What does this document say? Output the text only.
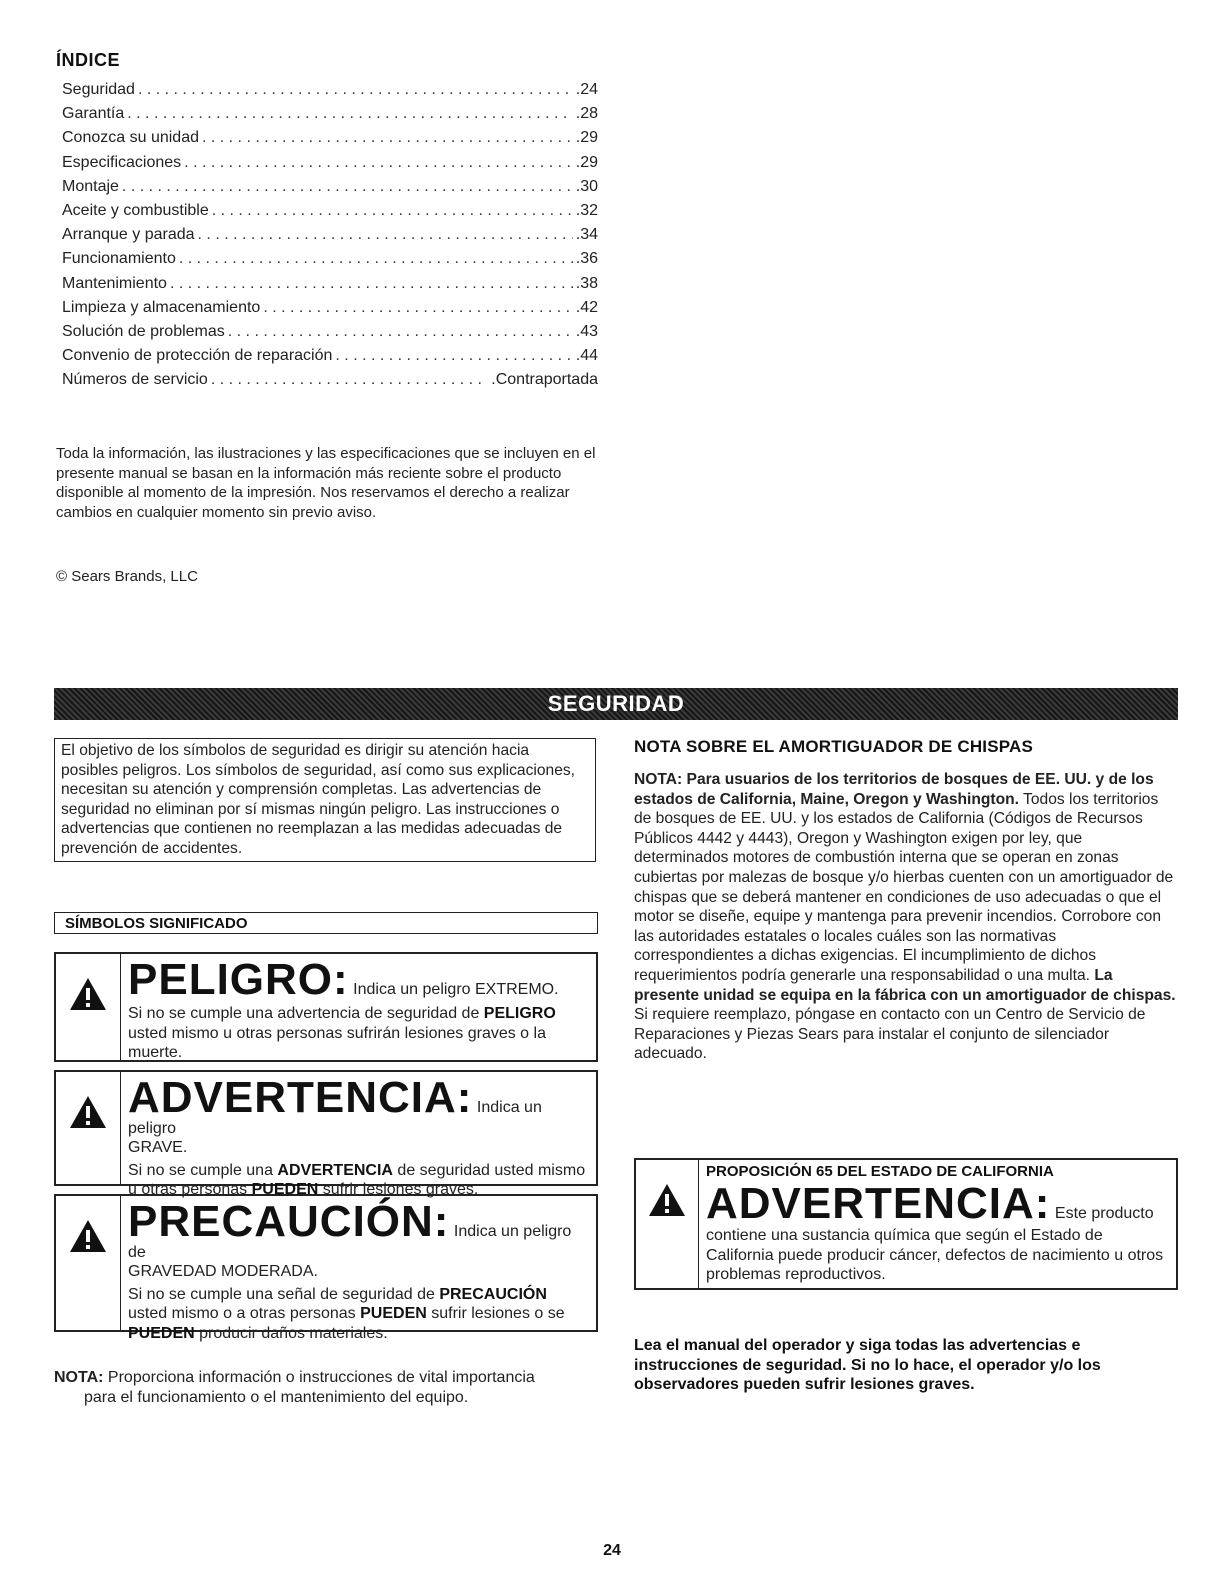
ÍNDICE
Seguridad . . .	.24
Garantía . . .	.28
Conozca su unidad . . .	.29
Especificaciones . . .	.29
Montaje . . .	.30
Aceite y combustible . . .	.32
Arranque y parada . . .	.34
Funcionamiento . . .	.36
Mantenimiento . . .	.38
Limpieza y almacenamiento . . .	.42
Solución de problemas . . .	.43
Convenio de protección de reparación . . .	.44
Números de servicio . . .	.Contraportada
Toda la información, las ilustraciones y las especificaciones que se incluyen en el presente manual se basan en la información más reciente sobre el producto disponible al momento de la impresión. Nos reservamos el derecho a realizar cambios en cualquier momento sin previo aviso.
© Sears Brands, LLC
SEGURIDAD
El objetivo de los símbolos de seguridad es dirigir su atención hacia posibles peligros. Los símbolos de seguridad, así como sus explicaciones, necesitan su atención y comprensión completas. Las advertencias de seguridad no eliminan por sí mismas ningún peligro. Las instrucciones o advertencias que contienen no reemplazan a las medidas adecuadas de prevención de accidentes.
SÍMBOLOS SIGNIFICADO
PELIGRO: Indica un peligro EXTREMO.
Si no se cumple una advertencia de seguridad de PELIGRO usted mismo u otras personas sufrirán lesiones graves o la muerte.
ADVERTENCIA: Indica un peligro
GRAVE.
Si no se cumple una ADVERTENCIA de seguridad usted mismo u otras personas PUEDEN sufrir lesiones graves.
PRECAUCIÓN: Indica un peligro de
GRAVEDAD MODERADA.
Si no se cumple una señal de seguridad de PRECAUCIÓN usted mismo o a otras personas PUEDEN sufrir lesiones o se PUEDEN producir daños materiales.
NOTA: Proporciona información o instrucciones de vital importancia
para el funcionamiento o el mantenimiento del equipo.
NOTA SOBRE EL AMORTIGUADOR DE CHISPAS
NOTA: Para usuarios de los territorios de bosques de EE. UU. y de los estados de California, Maine, Oregon y Washington. Todos los territorios de bosques de EE. UU. y los estados de California (Códigos de Recursos Públicos 4442 y 4443), Oregon y Washington exigen por ley, que determinados motores de combustión interna que se operan en zonas cubiertas por malezas de bosque y/o hierbas cuenten con un amortiguador de chispas que se deberá mantener en condiciones de uso adecuadas o que el motor se diseñe, equipe y mantenga para prevenir incendios. Corrobore con las autoridades estatales o locales cuáles son las normativas correspondientes a dichas exigencias. El incumplimiento de dichos requerimientos podría generarle una responsabilidad o una multa. La presente unidad se equipa en la fábrica con un amortiguador de chispas. Si requiere reemplazo, póngase en contacto con un Centro de Servicio de Reparaciones y Piezas Sears para instalar el conjunto de silenciador adecuado.
PROPOSICIÓN 65 DEL ESTADO DE CALIFORNIA
ADVERTENCIA: Este producto
contiene una sustancia química que según el Estado de California puede producir cáncer, defectos de nacimiento u otros problemas reproductivos.
Lea el manual del operador y siga todas las advertencias e instrucciones de seguridad. Si no lo hace, el operador y/o los observadores pueden sufrir lesiones graves.
24
